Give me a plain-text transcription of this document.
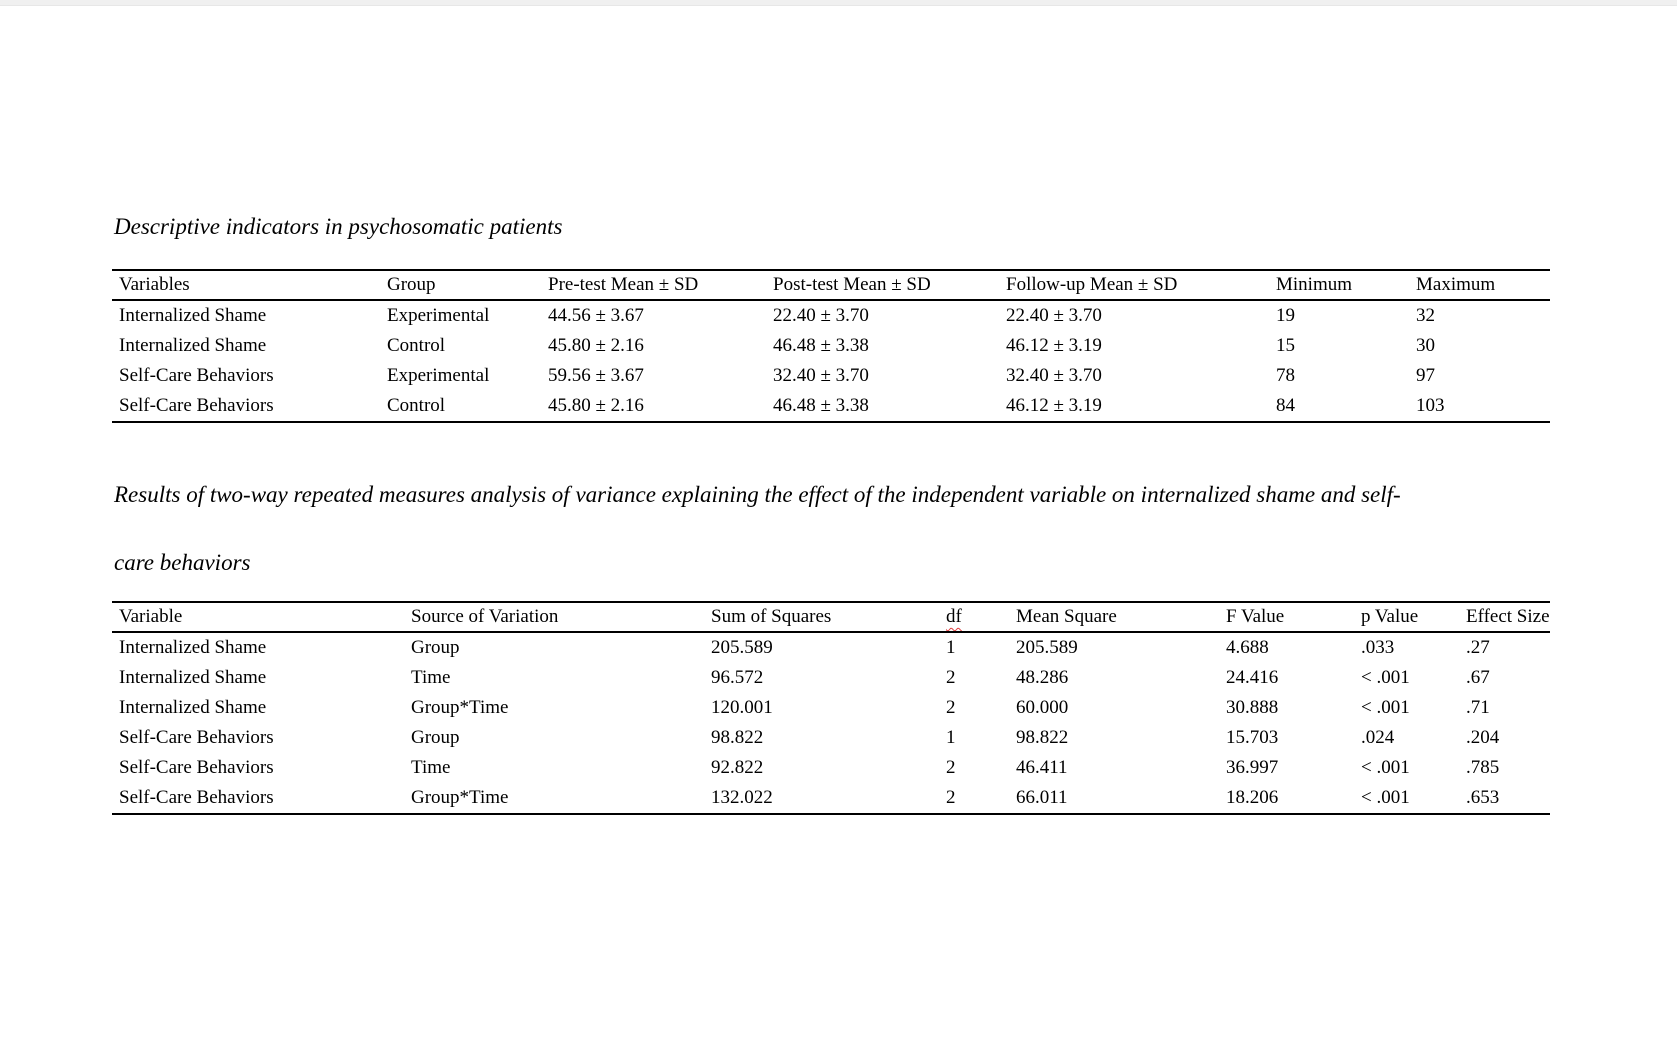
Descriptive indicators in psychosomatic patients
Variables	Group	Pre-test Mean ± SD	Post-test Mean ± SD	Follow-up Mean ± SD	Minimum	Maximum
Internalized Shame	Experimental	44.56 ± 3.67	22.40 ± 3.70	22.40 ± 3.70	19	32
Internalized Shame	Control	45.80 ± 2.16	46.48 ± 3.38	46.12 ± 3.19	15	30
Self-Care Behaviors	Experimental	59.56 ± 3.67	32.40 ± 3.70	32.40 ± 3.70	78	97
Self-Care Behaviors	Control	45.80 ± 2.16	46.48 ± 3.38	46.12 ± 3.19	84	103
Results of two-way repeated measures analysis of variance explaining the effect of the independent variable on internalized shame and self-
care behaviors
Variable	Source of Variation	Sum of Squares	df	Mean Square	F Value	p Value	Effect Size
Internalized Shame	Group	205.589	1	205.589	4.688	.033	.27
Internalized Shame	Time	96.572	2	48.286	24.416	< .001	.67
Internalized Shame	Group*Time	120.001	2	60.000	30.888	< .001	.71
Self-Care Behaviors	Group	98.822	1	98.822	15.703	.024	.204
Self-Care Behaviors	Time	92.822	2	46.411	36.997	< .001	.785
Self-Care Behaviors	Group*Time	132.022	2	66.011	18.206	< .001	.653
